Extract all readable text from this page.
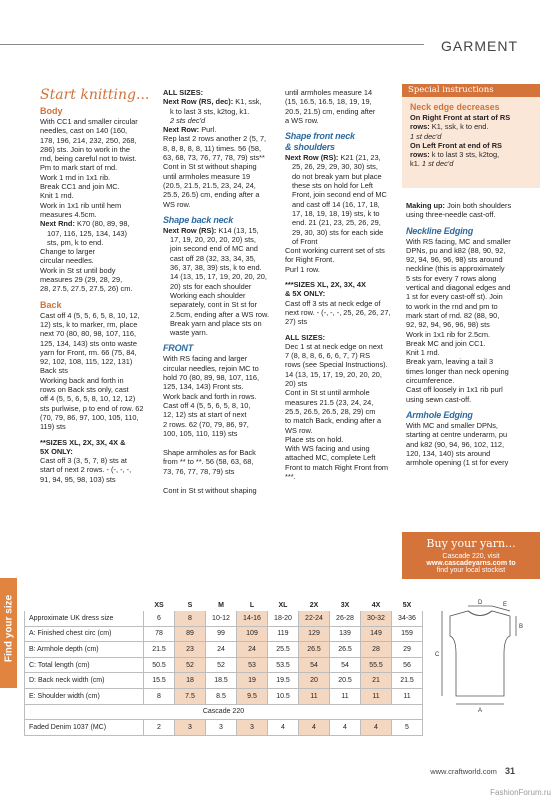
GARMENT

Start knitting...

Body

With CC1 and smaller circular

needles, cast on 140 (160,

178, 196, 214, 232, 250, 268,

286) sts. Join to work in the

rnd, being careful not to twist.

Pm to mark start of rnd.

Work 1 rnd in 1x1 rib.

Break CC1 and join MC.

Knit 1 rnd.

Work in 1x1 rib until hem

measures 4.5cm.

Next Rnd: K70 (80, 89, 98,

107, 116, 125, 134, 143)

sts, pm, k to end.

Change to larger

circular needles.

Work in St st until body

measures 29 (29, 28, 29,

28, 27.5, 27.5, 27.5, 26) cm.

Back

Cast off 4 (5, 5, 6, 5, 8, 10, 12,

12) sts, k to marker, rm, place

next 70 (80, 80, 98, 107, 116,

125, 134, 143) sts onto waste

yarn for Front, rm. 66 (75, 84,

92, 102, 108, 115, 122, 131)

Back sts

Working back and forth in

rows on Back sts only, cast

off 4 (5, 5, 6, 5, 8, 10, 12, 12)

sts purlwise, p to end of row. 62

(70, 79, 86, 97, 100, 105, 110,

119) sts

**SIZES XL, 2X, 3X, 4X &

5X ONLY:

Cast off 3 (3, 5, 7, 8) sts at

start of next 2 rows. - (-, -, -,

91, 94, 95, 98, 103) sts

ALL SIZES:

Next Row (RS, dec): K1, ssk,

k to last 3 sts, k2tog, k1.

2 sts dec'd

Next Row: Purl.

Rep last 2 rows another 2 (5, 7,

8, 8, 8, 8, 8, 11) times. 56 (58,

63, 68, 73, 76, 77, 78, 79) sts**

Cont in St st without shaping

until armholes measure 19

(20.5, 21.5, 21.5, 23, 24, 24,

25.5, 26.5) cm, ending after a

WS row.

Shape back neck

Next Row (RS): K14 (13, 15,

17, 19, 20, 20, 20, 20) sts,

join second end of MC and

cast off 28 (32, 33, 34, 35,

36, 37, 38, 39) sts, k to end.

14 (13, 15, 17, 19, 20, 20, 20,

20) sts for each shoulder

Working each shoulder

separately, cont in St st for

2.5cm, ending after a WS row.

Break yarn and place sts on

waste yarn.

FRONT

With RS facing and larger

circular needles, rejoin MC to

hold 70 (80, 89, 98, 107, 116,

125, 134, 143) Front sts.

Work back and forth in rows.

Cast off 4 (5, 5, 6, 5, 8, 10,

12, 12) sts at start of next

2 rows. 62 (70, 79, 86, 97,

100, 105, 110, 119) sts

Shape armholes as for Back

from ** to **. 56 (58, 63, 68,

73, 76, 77, 78, 79) sts

Cont in St st without shaping

until armholes measure 14

(15, 16.5, 16.5, 18, 19, 19,

20.5, 21.5) cm, ending after

a WS row.

Shape front neck

& shoulders

Next Row (RS): K21 (21, 23,

25, 26, 29, 29, 30, 30) sts,

do not break yarn but place

these sts on hold for Left

Front, join second end of MC

and cast off 14 (16, 17, 18,

17, 18, 19, 18, 19) sts, k to

end. 21 (21, 23, 25, 26, 29,

29, 30, 30) sts for each side

of Front

Cont working current set of sts

for Right Front.

Purl 1 row.

***SIZES XL, 2X, 3X, 4X

& 5X ONLY:

Cast off 3 sts at neck edge of

next row. - (-, -, -, 25, 26, 26, 27,

27) sts

ALL SIZES:

Dec 1 st at neck edge on next

7 (8, 8, 8, 6, 6, 6, 7, 7) RS

rows (see Special Instructions).

14 (13, 15, 17, 19, 20, 20, 20,

20) sts

Cont in St st until armhole

measures 21.5 (23, 24, 24,

25.5, 26.5, 26.5, 28, 29) cm

to match Back, ending after a

WS row.

Place sts on hold.

With WS facing and using

attached MC, complete Left

Front to match Right Front from

***.

Special instructions

Neck edge decreases

On Right Front at start of RS

rows: K1, ssk, k to end.

1 st dec'd

On Left Front at end of RS

rows: k to last 3 sts, k2tog,

k1. 1 st dec'd

Making up: Join both shoulders

using three-needle cast-off.

Neckline Edging

With RS facing, MC and smaller

DPNs, pu and k82 (88, 90, 92,

92, 94, 96, 96, 98) sts around

neckline (this is approximately

5 sts for every 7 rows along

vertical and diagonal edges and

1 st for every cast-off st). Join

to work in the rnd and pm to

mark start of rnd. 82 (88, 90,

92, 92, 94, 96, 96, 98) sts

Work in 1x1 rib for 2.5cm.

Break MC and join CC1.

Knit 1 rnd.

Break yarn, leaving a tail 3

times longer than neck opening

circumference.

Cast off loosely in 1x1 rib purl

using sewn cast-off.

Armhole Edging

With MC and smaller DPNs,

starting at centre underarm, pu

and k82 (90, 94, 96, 102, 112,

120, 134, 140) sts around

armhole opening (1 st for every

Buy your yarn...
Cascade 220, visit
www.cascadeyarns.com to
find your local stockist
Find your size
		XS	S	M	L	XL	2X	3X	4X	5X
Approximate UK dress size	6	8	10-12	14-16	18-20	22-24	26-28	30-32	34-36
A: Finished chest circ (cm)	78	89	99	109	119	129	139	149	159
B: Armhole depth (cm)	21.5	23	24	24	25.5	26.5	26.5	28	29
C: Total length (cm)	50.5	52	52	53	53.5	54	54	55.5	56
D: Back neck width (cm)	15.5	18	18.5	19	19.5	20	20.5	21	21.5
E: Shoulder width (cm)	8	7.5	8.5	9.5	10.5	11	11	11	11
Cascade 220									
Faded Denim 1037 (MC)	2	3	3	3	4	4	4	4	5
D	E
B
C
A
www.craftworld.com 31
FashionForum.ru
